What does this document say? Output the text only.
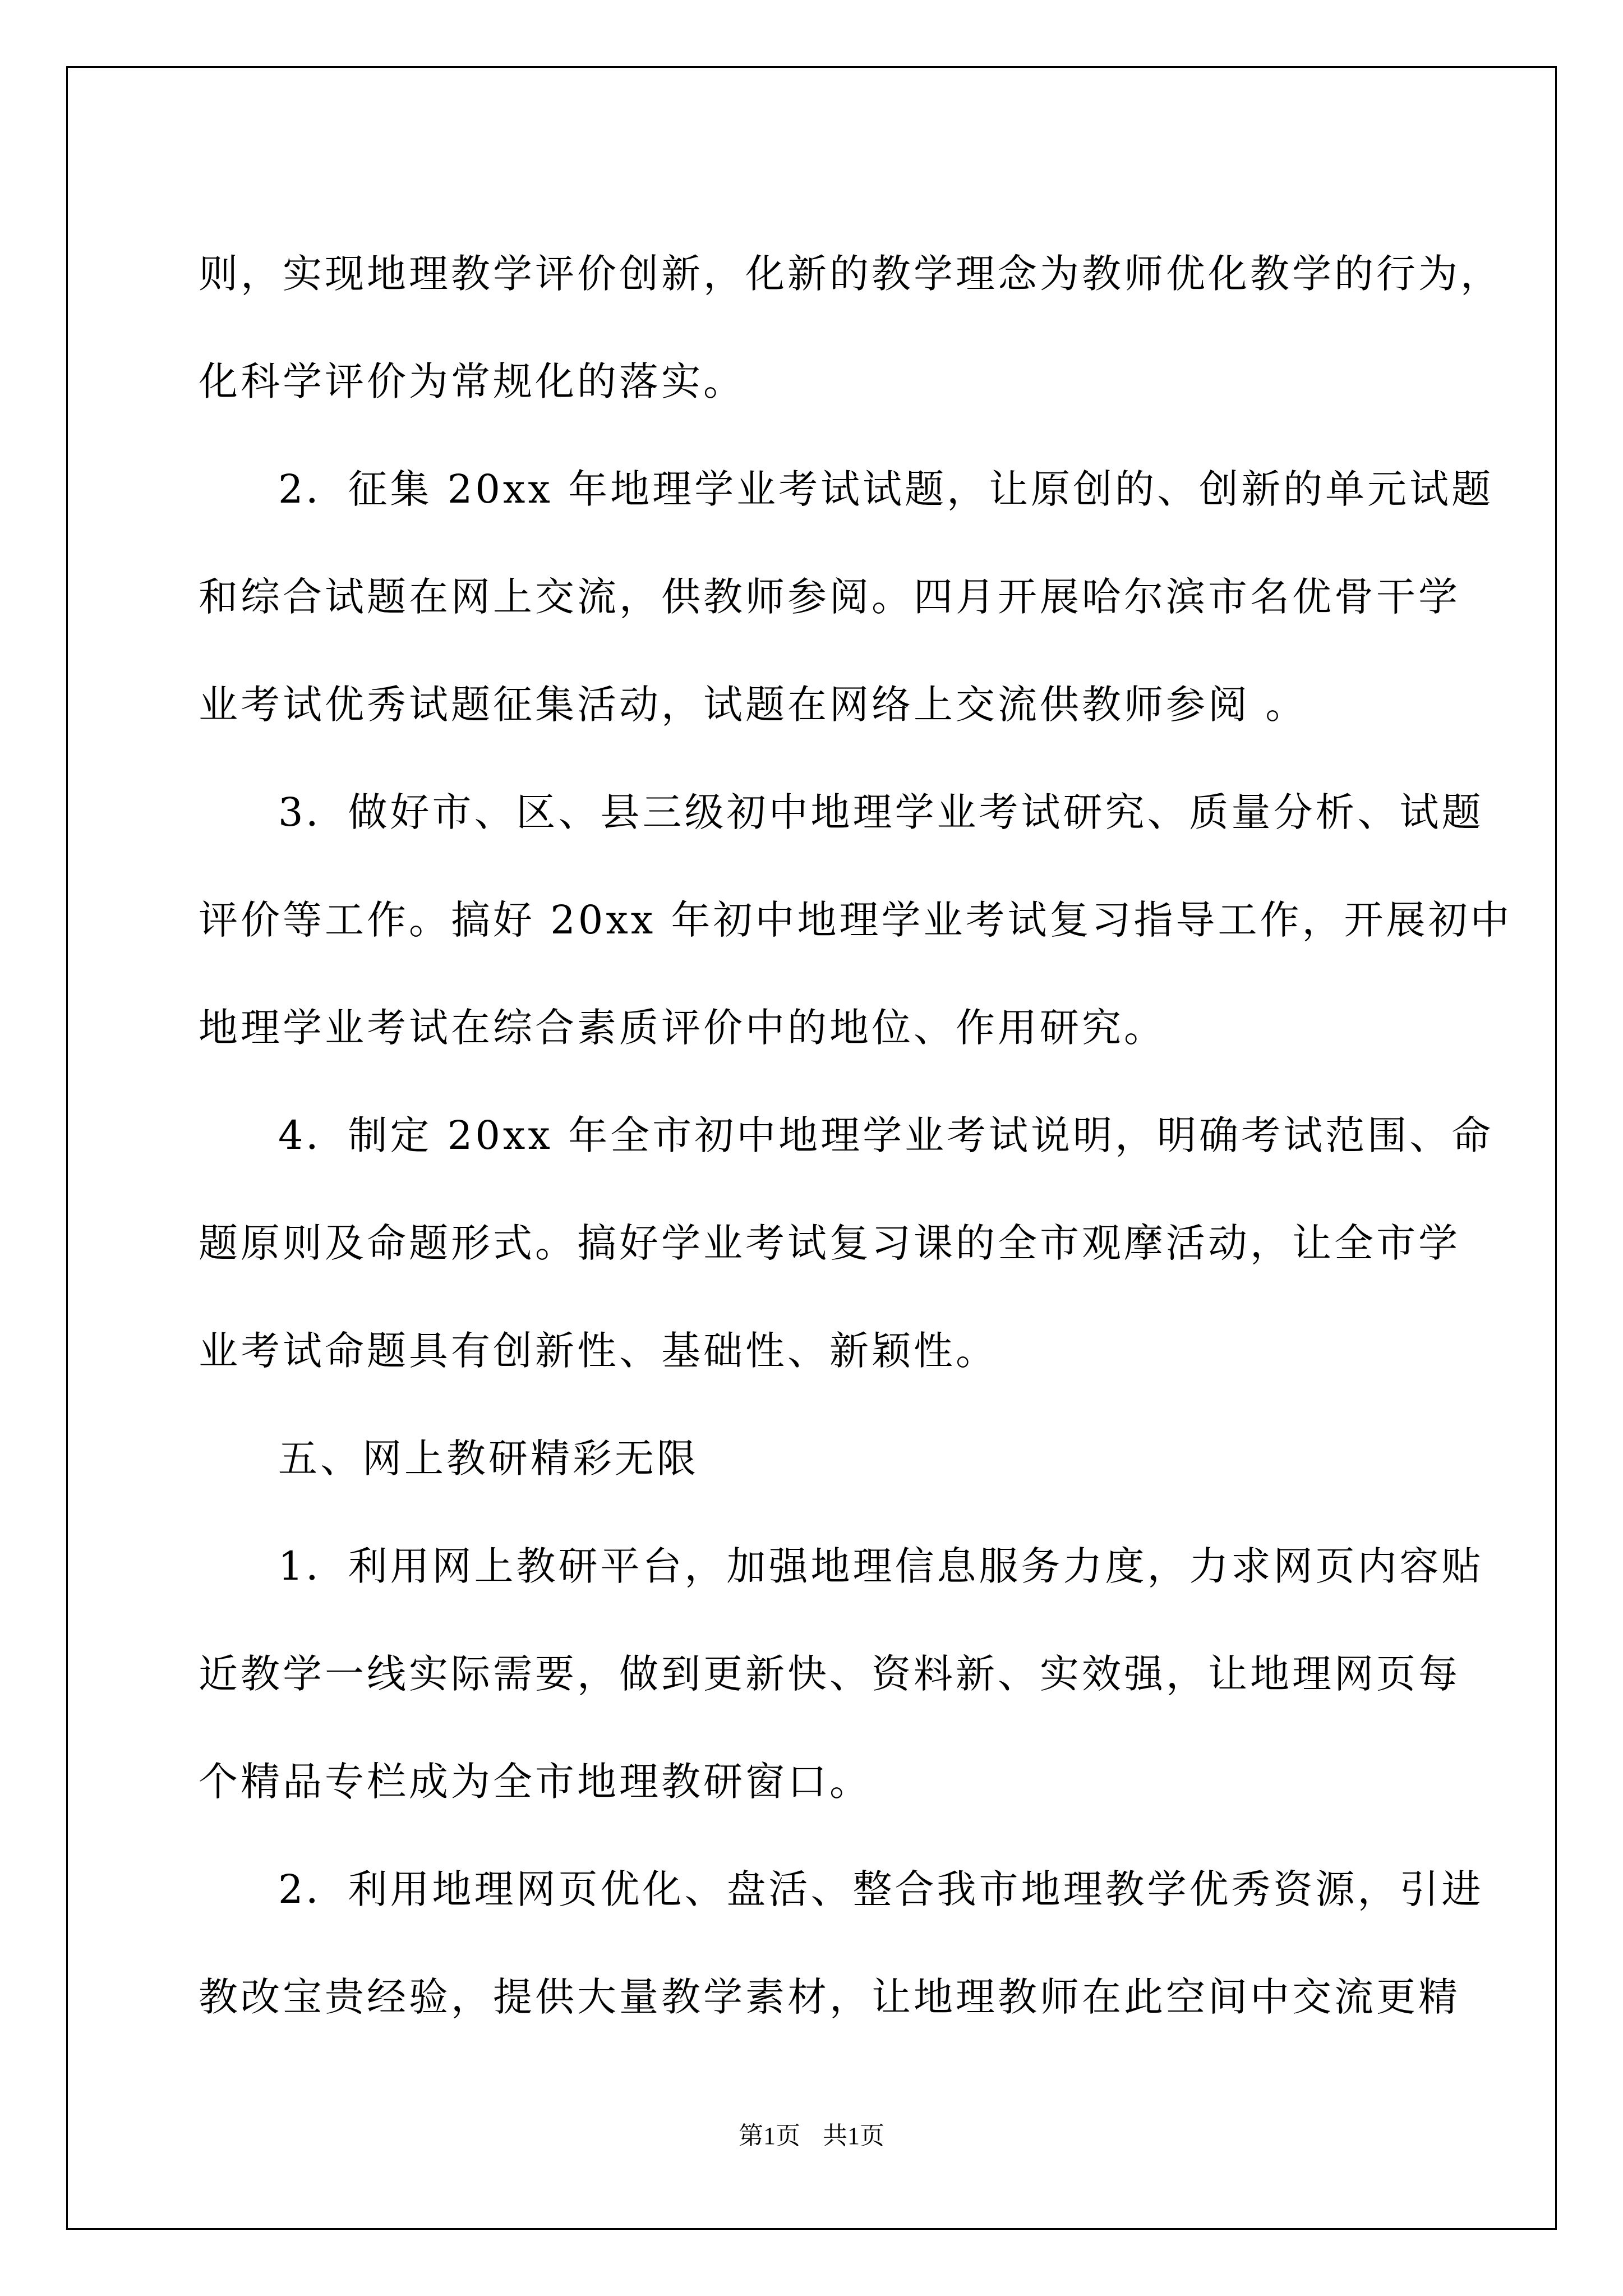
则，实现地理教学评价创新，化新的教学理念为教师优化教学的行为，

化科学评价为常规化的落实。

2．征集 20xx 年地理学业考试试题，让原创的、创新的单元试题

和综合试题在网上交流，供教师参阅。四月开展哈尔滨市名优骨干学

业考试优秀试题征集活动，试题在网络上交流供教师参阅 。

3．做好市、区、县三级初中地理学业考试研究、质量分析、试题

评价等工作。搞好 20xx 年初中地理学业考试复习指导工作，开展初中

地理学业考试在综合素质评价中的地位、作用研究。

4．制定 20xx 年全市初中地理学业考试说明，明确考试范围、命

题原则及命题形式。搞好学业考试复习课的全市观摩活动，让全市学

业考试命题具有创新性、基础性、新颖性。

五、网上教研精彩无限

1．利用网上教研平台，加强地理信息服务力度，力求网页内容贴

近教学一线实际需要，做到更新快、资料新、实效强，让地理网页每

个精品专栏成为全市地理教研窗口。

2．利用地理网页优化、盘活、整合我市地理教学优秀资源，引进

教改宝贵经验，提供大量教学素材，让地理教师在此空间中交流更精

第1页 共1页
